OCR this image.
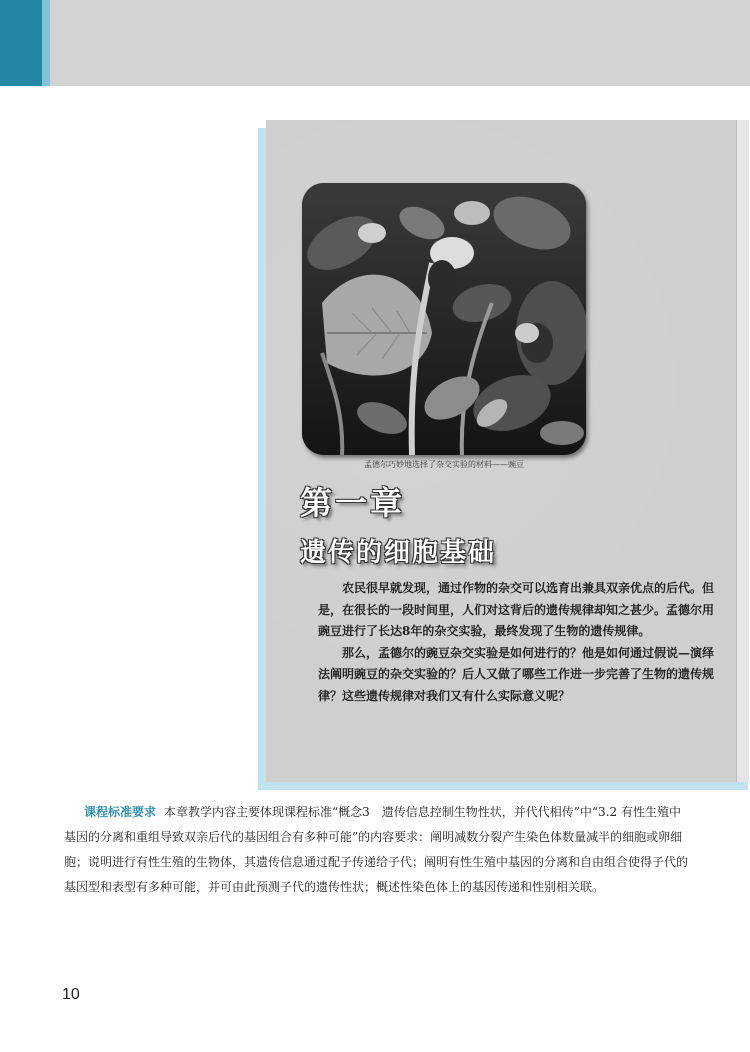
孟德尔巧妙地选择了杂交实验的材料——豌豆
第一章
遗传的细胞基础

农民很早就发现，通过作物的杂交可以选育出兼具双亲优点的后代。但是，在很长的一段时间里，人们对这背后的遗传规律却知之甚少。孟德尔用豌豆进行了长达8年的杂交实验，最终发现了生物的遗传规律。

那么，孟德尔的豌豆杂交实验是如何进行的？他是如何通过假说—演绎法阐明豌豆的杂交实验的？后人又做了哪些工作进一步完善了生物的遗传规律？这些遗传规律对我们又有什么实际意义呢？

课程标准要求 本章教学内容主要体现课程标准“概念3　遗传信息控制生物性状，并代代相传”中“3.2 有性生殖中基因的分离和重组导致双亲后代的基因组合有多种可能”的内容要求：阐明减数分裂产生染色体数量减半的细胞或卵细胞；说明进行有性生殖的生物体，其遗传信息通过配子传递给子代；阐明有性生殖中基因的分离和自由组合使得子代的基因型和表型有多种可能，并可由此预测子代的遗传性状；概述性染色体上的基因传递和性别相关联。

10
